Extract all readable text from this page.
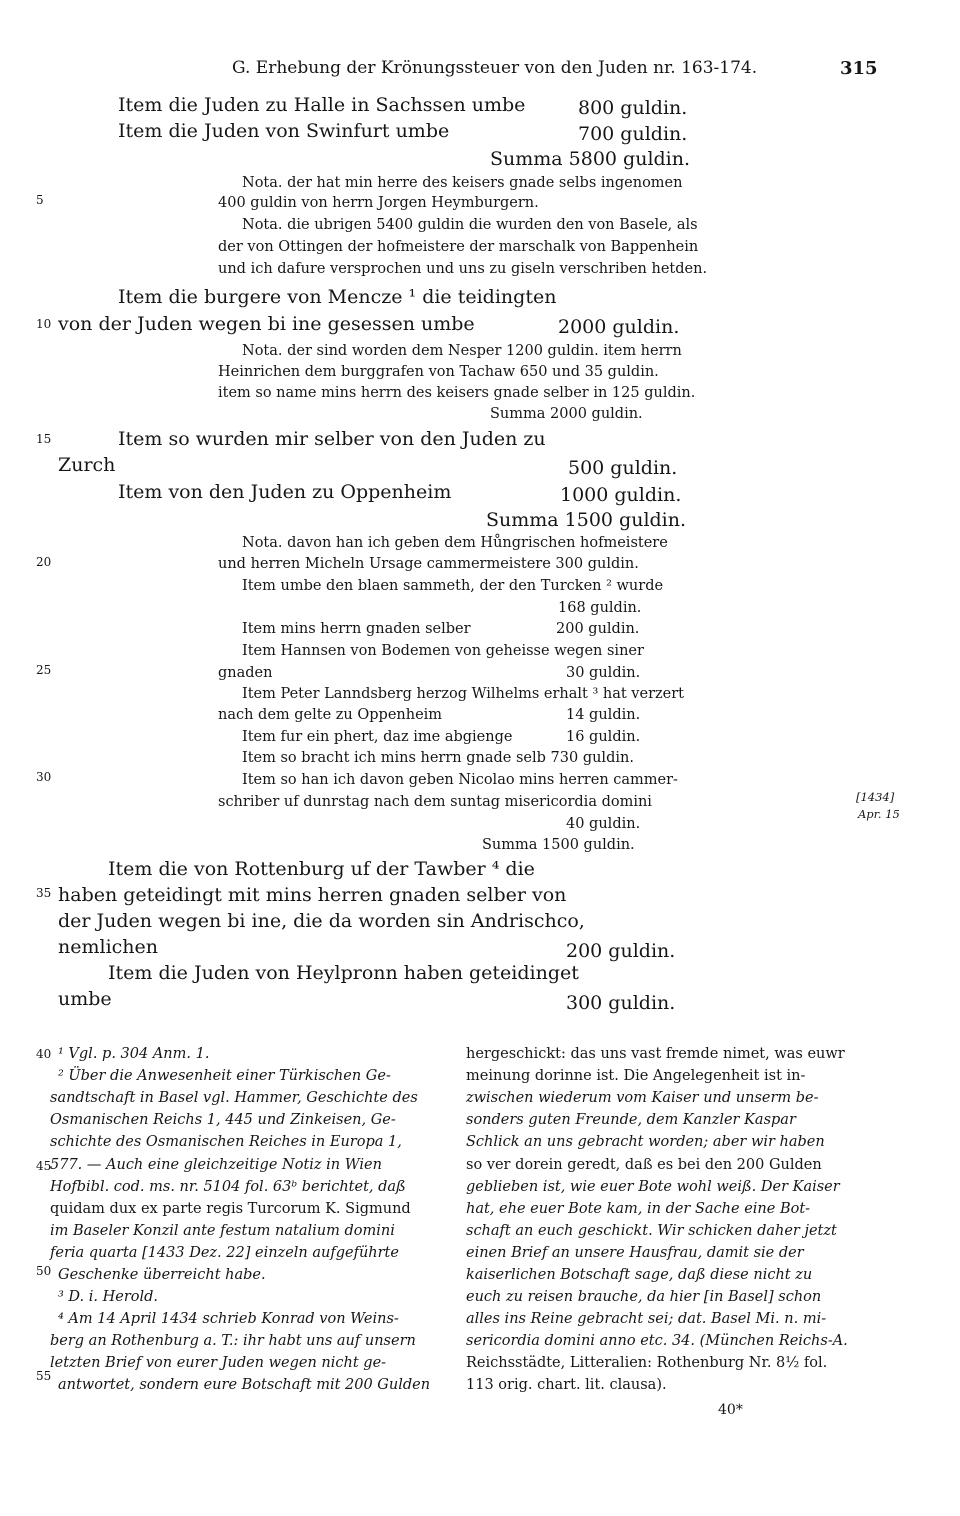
G. Erhebung der Krönungssteuer von den Juden nr. 163-174.	315
5
10
15
20
25
30
35
40
45
50
55
[1434]
Apr. 15
Item die Juden zu Halle in Sachssen umbe	800 guldin.
Item die Juden von Swinfurt umbe	700 guldin.
Summa 5800 guldin.
Nota. der hat min herre des keisers gnade selbs ingenomen
400 guldin von herrn Jorgen Heymburgern.
Nota. die ubrigen 5400 guldin die wurden den von Basele, als
der von Ottingen der hofmeistere der marschalk von Bappenhein
und ich dafure versprochen und uns zu giseln verschriben hetden.
Item die burgere von Mencze ¹ die teidingten
von der Juden wegen bi ine gesessen umbe	2000 guldin.
Nota. der sind worden dem Nesper 1200 guldin. item herrn
Heinrichen dem burggrafen von Tachaw 650 und 35 guldin.
item so name mins herrn des keisers gnade selber in 125 guldin.
Summa 2000 guldin.
Item so wurden mir selber von den Juden zu
Zurch	500 guldin.
Item von den Juden zu Oppenheim	1000 guldin.
Summa 1500 guldin.
Nota. davon han ich geben dem Hůngrischen hofmeistere
und herren Micheln Ursage cammermeistere 300 guldin.
Item umbe den blaen sammeth, der den Turcken ² wurde
168 guldin.
Item mins herrn gnaden selber	200 guldin.
Item Hannsen von Bodemen von geheisse wegen siner
gnaden	30 guldin.
Item Peter Lanndsberg herzog Wilhelms erhalt ³ hat verzert
nach dem gelte zu Oppenheim	14 guldin.
Item fur ein phert, daz ime abgienge	16 guldin.
Item so bracht ich mins herrn gnade selb 730 guldin.
Item so han ich davon geben Nicolao mins herren cammer-
schriber uf dunrstag nach dem suntag misericordia domini
40 guldin.
Summa 1500 guldin.
Item die von Rottenburg uf der Tawber ⁴ die
haben geteidingt mit mins herren gnaden selber von
der Juden wegen bi ine, die da worden sin Andrischco,
nemlichen	200 guldin.
Item die Juden von Heylpronn haben geteidinget
umbe	300 guldin.
¹ Vgl. p. 304 Anm. 1.
² Über die Anwesenheit einer Türkischen Ge-
sandtschaft in Basel vgl. Hammer, Geschichte des
Osmanischen Reichs 1, 445 und Zinkeisen, Ge-
schichte des Osmanischen Reiches in Europa 1,
577. — Auch eine gleichzeitige Notiz in Wien
Hofbibl. cod. ms. nr. 5104 fol. 63ᵇ berichtet, daß
quidam dux ex parte regis Turcorum K. Sigmund
im Baseler Konzil ante festum natalium domini
feria quarta [1433 Dez. 22] einzeln aufgeführte
Geschenke überreicht habe.
³ D. i. Herold.
⁴ Am 14 April 1434 schrieb Konrad von Weins-
berg an Rothenburg a. T.: ihr habt uns auf unsern
letzten Brief von eurer Juden wegen nicht ge-
antwortet, sondern eure Botschaft mit 200 Gulden
hergeschickt: das uns vast fremde nimet, was euwr
meinung dorinne ist. Die Angelegenheit ist in-
zwischen wiederum vom Kaiser und unserm be-
sonders guten Freunde, dem Kanzler Kaspar
Schlick an uns gebracht worden; aber wir haben
so ver dorein geredt, daß es bei den 200 Gulden
geblieben ist, wie euer Bote wohl weiß. Der Kaiser
hat, ehe euer Bote kam, in der Sache eine Bot-
schaft an euch geschickt. Wir schicken daher jetzt
einen Brief an unsere Hausfrau, damit sie der
kaiserlichen Botschaft sage, daß diese nicht zu
euch zu reisen brauche, da hier [in Basel] schon
alles ins Reine gebracht sei; dat. Basel Mi. n. mi-
sericordia domini anno etc. 34. (München Reichs-A.
Reichsstädte, Litteralien: Rothenburg Nr. 8½ fol.
113 orig. chart. lit. clausa).
40*
